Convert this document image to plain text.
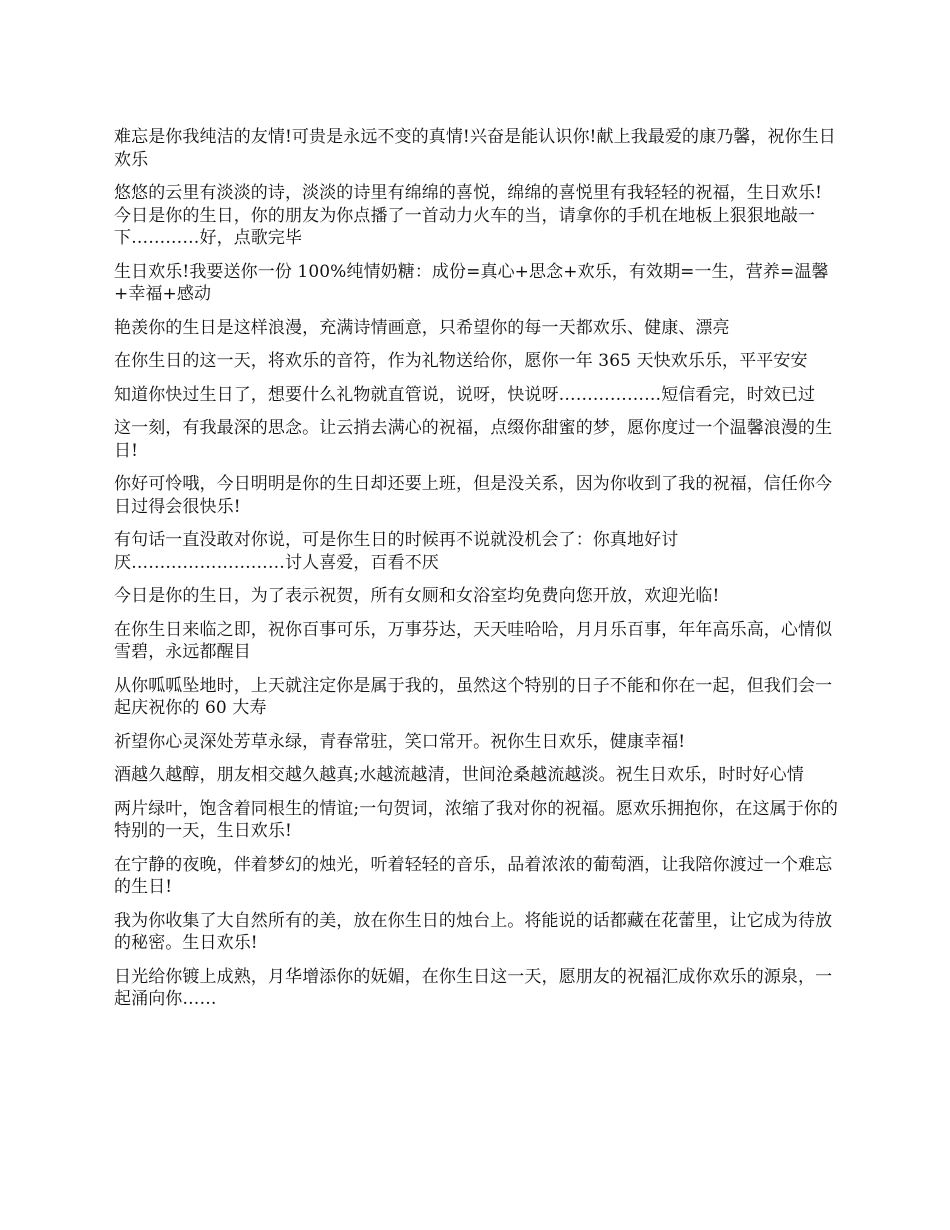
难忘是你我纯洁的友情!可贵是永远不变的真情!兴奋是能认识你!献上我最爱的康乃馨，祝你生日欢乐

悠悠的云里有淡淡的诗，淡淡的诗里有绵绵的喜悦，绵绵的喜悦里有我轻轻的祝福，生日欢乐! 今日是你的生日，你的朋友为你点播了一首动力火车的当，请拿你的手机在地板上狠狠地敲一下…………好，点歌完毕

生日欢乐!我要送你一份 100%纯情奶糖：成份=真心+思念+欢乐，有效期=一生，营养=温馨+幸福+感动

艳羡你的生日是这样浪漫，充满诗情画意，只希望你的每一天都欢乐、健康、漂亮

在你生日的这一天，将欢乐的音符，作为礼物送给你，愿你一年 365 天快欢乐乐，平平安安

知道你快过生日了，想要什么礼物就直管说，说呀，快说呀………………短信看完，时效已过

这一刻，有我最深的思念。让云捎去满心的祝福，点缀你甜蜜的梦，愿你度过一个温馨浪漫的生日!

你好可怜哦，今日明明是你的生日却还要上班，但是没关系，因为你收到了我的祝福，信任你今日过得会很快乐!

有句话一直没敢对你说，可是你生日的时候再不说就没机会了：你真地好讨厌………………………讨人喜爱，百看不厌

今日是你的生日，为了表示祝贺，所有女厕和女浴室均免费向您开放，欢迎光临!

在你生日来临之即，祝你百事可乐，万事芬达，天天哇哈哈，月月乐百事，年年高乐高，心情似雪碧，永远都醒目

从你呱呱坠地时，上天就注定你是属于我的，虽然这个特别的日子不能和你在一起，但我们会一起庆祝你的 60 大寿

祈望你心灵深处芳草永绿，青春常驻，笑口常开。祝你生日欢乐，健康幸福!

酒越久越醇，朋友相交越久越真;水越流越清，世间沧桑越流越淡。祝生日欢乐，时时好心情

两片绿叶，饱含着同根生的情谊;一句贺词，浓缩了我对你的祝福。愿欢乐拥抱你，在这属于你的特别的一天，生日欢乐!

在宁静的夜晚，伴着梦幻的烛光，听着轻轻的音乐，品着浓浓的葡萄酒，让我陪你渡过一个难忘的生日!

我为你收集了大自然所有的美，放在你生日的烛台上。将能说的话都藏在花蕾里，让它成为待放的秘密。生日欢乐!

日光给你镀上成熟，月华增添你的妩媚，在你生日这一天，愿朋友的祝福汇成你欢乐的源泉，一起涌向你……
